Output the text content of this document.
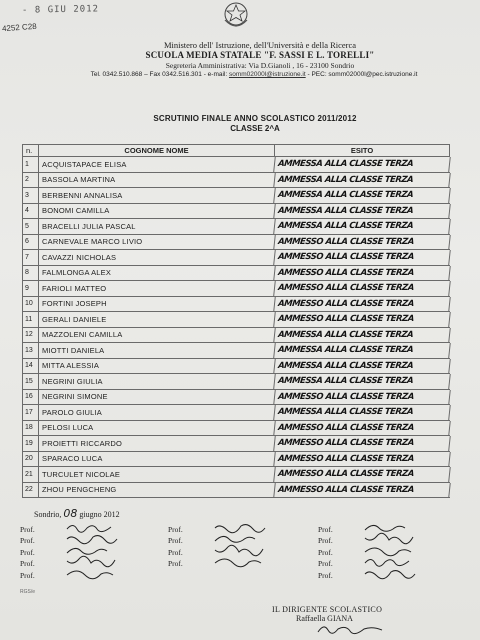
- 8 GIU 2012
4252 C28
Ministero dell' Istruzione, dell'Università e della Ricerca
SCUOLA MEDIA STATALE "F. SASSI E L. TORELLI"
Segreteria Amministrativa: Via D.Gianoli , 16 - 23100 Sondrio
Tel. 0342.510.868 – Fax 0342.516.301 - e-mail: somm02000l@istruzione.it - PEC: somm02000l@pec.istruzione.it
SCRUTINIO FINALE ANNO SCOLASTICO 2011/2012
CLASSE 2^A
n.	COGNOME NOME	ESITO
1	ACQUISTAPACE ELISA	AMMESSA ALLA CLASSE TERZA
2	BASSOLA MARTINA	AMMESSA ALLA CLASSE TERZA
3	BERBENNI ANNALISA	AMMESSA ALLA CLASSE TERZA
4	BONOMI CAMILLA	AMMESSA ALLA CLASSE TERZA
5	BRACELLI JULIA PASCAL	AMMESSA ALLA CLASSE TERZA
6	CARNEVALE MARCO LIVIO	AMMESSO ALLA CLASSE TERZA
7	CAVAZZI NICHOLAS	AMMESSO ALLA CLASSE TERZA
8	FALMLONGA ALEX	AMMESSO ALLA CLASSE TERZA
9	FARIOLI MATTEO	AMMESSO ALLA CLASSE TERZA
10	FORTINI JOSEPH	AMMESSO ALLA CLASSE TERZA
11	GERALI DANIELE	AMMESSO ALLA CLASSE TERZA
12	MAZZOLENI CAMILLA	AMMESSA ALLA CLASSE TERZA
13	MIOTTI DANIELA	AMMESSA ALLA CLASSE TERZA
14	MITTA ALESSIA	AMMESSA ALLA CLASSE TERZA
15	NEGRINI GIULIA	AMMESSA ALLA CLASSE TERZA
16	NEGRINI SIMONE	AMMESSO ALLA CLASSE TERZA
17	PAROLO GIULIA	AMMESSA ALLA CLASSE TERZA
18	PELOSI LUCA	AMMESSO ALLA CLASSE TERZA
19	PROIETTI RICCARDO	AMMESSO ALLA CLASSE TERZA
20	SPARACO LUCA	AMMESSO ALLA CLASSE TERZA
21	TURCULET NICOLAE	AMMESSO ALLA CLASSE TERZA
22	ZHOU PENGCHENG	AMMESSO ALLA CLASSE TERZA
Sondrio, 08 giugno 2012
Prof.
Prof.
Prof.
Prof.
Prof.
Prof.
Prof.
Prof.
Prof.
Prof.
Prof.
Prof.
Prof.
Prof.
RGS/e
IL DIRIGENTE SCOLASTICO
Raffaella GIANA
